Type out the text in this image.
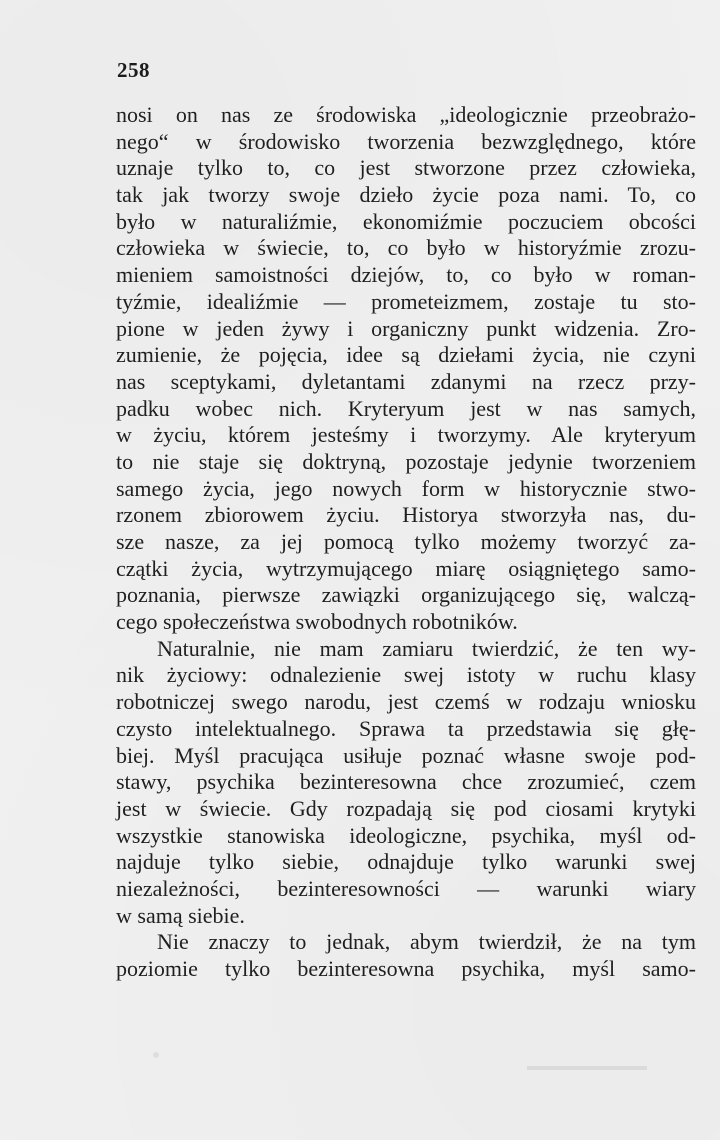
258
nosi on nas ze środowiska „ideologicznie przeobrażo-
nego“ w środowisko tworzenia bezwzględnego, które
uznaje tylko to, co jest stworzone przez człowieka,
tak jak tworzy swoje dzieło życie poza nami. To, co
było w naturaliźmie, ekonomiźmie poczuciem obcości
człowieka w świecie, to, co było w historyźmie zrozu-
mieniem samoistności dziejów, to, co było w roman-
tyźmie, idealiźmie — prometeizmem, zostaje tu sto-
pione w jeden żywy i organiczny punkt widzenia. Zro-
zumienie, że pojęcia, idee są dziełami życia, nie czyni
nas sceptykami, dyletantami zdanymi na rzecz przy-
padku wobec nich. Kryteryum jest w nas samych,
w życiu, którem jesteśmy i tworzymy. Ale kryteryum
to nie staje się doktryną, pozostaje jedynie tworzeniem
samego życia, jego nowych form w historycznie stwo-
rzonem zbiorowem życiu. Historya stworzyła nas, du-
sze nasze, za jej pomocą tylko możemy tworzyć za-
czątki życia, wytrzymującego miarę osiągniętego samo-
poznania, pierwsze zawiązki organizującego się, walczą-
cego społeczeństwa swobodnych robotników.
Naturalnie, nie mam zamiaru twierdzić, że ten wy-
nik życiowy: odnalezienie swej istoty w ruchu klasy
robotniczej swego narodu, jest czemś w rodzaju wniosku
czysto intelektualnego. Sprawa ta przedstawia się głę-
biej. Myśl pracująca usiłuje poznać własne swoje pod-
stawy, psychika bezinteresowna chce zrozumieć, czem
jest w świecie. Gdy rozpadają się pod ciosami krytyki
wszystkie stanowiska ideologiczne, psychika, myśl od-
najduje tylko siebie, odnajduje tylko warunki swej
niezależności, bezinteresowności — warunki wiary
w samą siebie.
Nie znaczy to jednak, abym twierdził, że na tym
poziomie tylko bezinteresowna psychika, myśl samo-
